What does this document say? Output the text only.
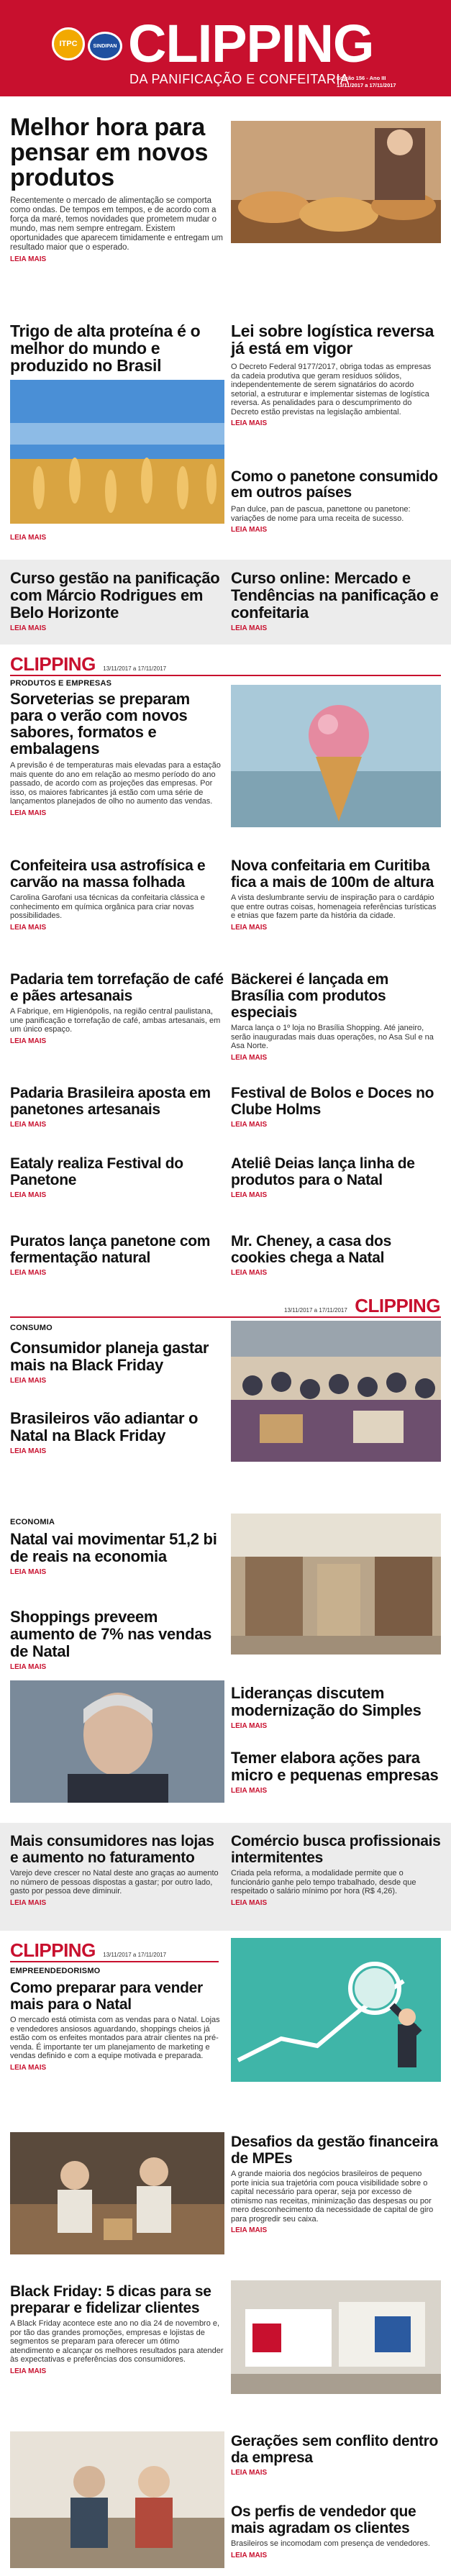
ITPC	SINDIPAN CLIPPING
DA PANIFICAÇÃO E CONFEITARIA
Edição 156 - Ano III
13/11/2017 a 17/11/2017
Melhor hora para pensar em novos produtos
Recentemente o mercado de alimentação se comporta como ondas. De tempos em tempos, e de acordo com a força da maré, temos novidades que prometem mudar o mundo, mas nem sempre entregam. Existem oportunidades que aparecem timidamente e entregam um resultado maior que o esperado.
LEIA MAIS
Trigo de alta proteína é o melhor do mundo e produzido no Brasil
LEIA MAIS
Lei sobre logística reversa já está em vigor
O Decreto Federal 9177/2017, obriga todas as empresas da cadeia produtiva que geram resíduos sólidos, independentemente de serem signatários do acordo setorial, a estruturar e implementar sistemas de logística reversa. As penalidades para o descumprimento do Decreto estão previstas na legislação ambiental.
LEIA MAIS
Como o panetone consumido em outros países
Pan dulce, pan de pascua, panettone ou panetone: variações de nome para uma receita de sucesso.
LEIA MAIS
Curso gestão na panificação com Márcio Rodrigues em Belo Horizonte
LEIA MAIS
Curso online: Mercado e Tendências na panificação e confeitaria
LEIA MAIS
CLIPPING 13/11/2017 a 17/11/2017
PRODUTOS E EMPRESAS
Sorveterias se preparam para o verão com novos sabores, formatos e embalagens
A previsão é de temperaturas mais elevadas para a estação mais quente do ano em relação ao mesmo período do ano passado, de acordo com as projeções das empresas. Por isso, os maiores fabricantes já estão com uma série de lançamentos planejados de olho no aumento das vendas.
LEIA MAIS
Confeiteira usa astrofísica e carvão na massa folhada
Carolina Garofani usa técnicas da confeitaria clássica e conhecimento em química orgânica para criar novas possibilidades.
LEIA MAIS
Nova confeitaria em Curitiba fica a mais de 100m de altura
A vista deslumbrante serviu de inspiração para o cardápio que entre outras coisas, homenageia referências turísticas e etnias que fazem parte da história da cidade.
LEIA MAIS
Padaria tem torrefação de café e pães artesanais
A Fabrique, em Higienópolis, na região central paulistana, une panificação e torrefação de café, ambas artesanais, em um único espaço.
LEIA MAIS
Bäckerei é lançada em Brasília com produtos especiais
Marca lança o 1º loja no Brasília Shopping. Até janeiro, serão inauguradas mais duas operações, no Asa Sul e na Asa Norte.
LEIA MAIS
Padaria Brasileira aposta em panetones artesanais
LEIA MAIS
Festival de Bolos e Doces no Clube Holms
LEIA MAIS
Eataly realiza Festival do Panetone
LEIA MAIS
Ateliê Deias lança linha de produtos para o Natal
LEIA MAIS
Puratos lança panetone com fermentação natural
LEIA MAIS
Mr. Cheney, a casa dos cookies chega a Natal
LEIA MAIS
13/11/2017 a 17/11/2017 CLIPPING
CONSUMO
Consumidor planeja gastar mais na Black Friday
LEIA MAIS
Brasileiros vão adiantar o Natal na Black Friday
LEIA MAIS
ECONOMIA
Natal vai movimentar 51,2 bi de reais na economia
LEIA MAIS
Shoppings preveem aumento de 7% nas vendas de Natal
LEIA MAIS
Lideranças discutem modernização do Simples
LEIA MAIS
Temer elabora ações para micro e pequenas empresas
LEIA MAIS
Mais consumidores nas lojas e aumento no faturamento
Varejo deve crescer no Natal deste ano graças ao aumento no número de pessoas dispostas a gastar; por outro lado, gasto por pessoa deve diminuir.
LEIA MAIS
Comércio busca profissionais intermitentes
Criada pela reforma, a modalidade permite que o funcionário ganhe pelo tempo trabalhado, desde que respeitado o salário mínimo por hora (R$ 4,26).
LEIA MAIS
CLIPPING 13/11/2017 a 17/11/2017
EMPREENDEDORISMO
Como preparar para vender mais para o Natal
O mercado está otimista com as vendas para o Natal. Lojas e vendedores ansiosos aguardando, shoppings cheios já estão com os enfeites montados para atrair clientes na pré-venda. É importante ter um planejamento de marketing e vendas definido e com a equipe motivada e preparada.
LEIA MAIS
Desafios da gestão financeira de MPEs
A grande maioria dos negócios brasileiros de pequeno porte inicia sua trajetória com pouca visibilidade sobre o capital necessário para operar, seja por excesso de otimismo nas receitas, minimização das despesas ou por mero desconhecimento da necessidade de capital de giro para progredir seu caixa.
LEIA MAIS
Black Friday: 5 dicas para se preparar e fidelizar clientes
A Black Friday acontece este ano no dia 24 de novembro e, por tão das grandes promoções, empresas e lojistas de segmentos se preparam para oferecer um ótimo atendimento e alcançar os melhores resultados para atender às expectativas e preferências dos consumidores.
LEIA MAIS
Gerações sem conflito dentro da empresa
LEIA MAIS
Os perfis de vendedor que mais agradam os clientes
Brasileiros se incomodam com presença de vendedores.
LEIA MAIS
